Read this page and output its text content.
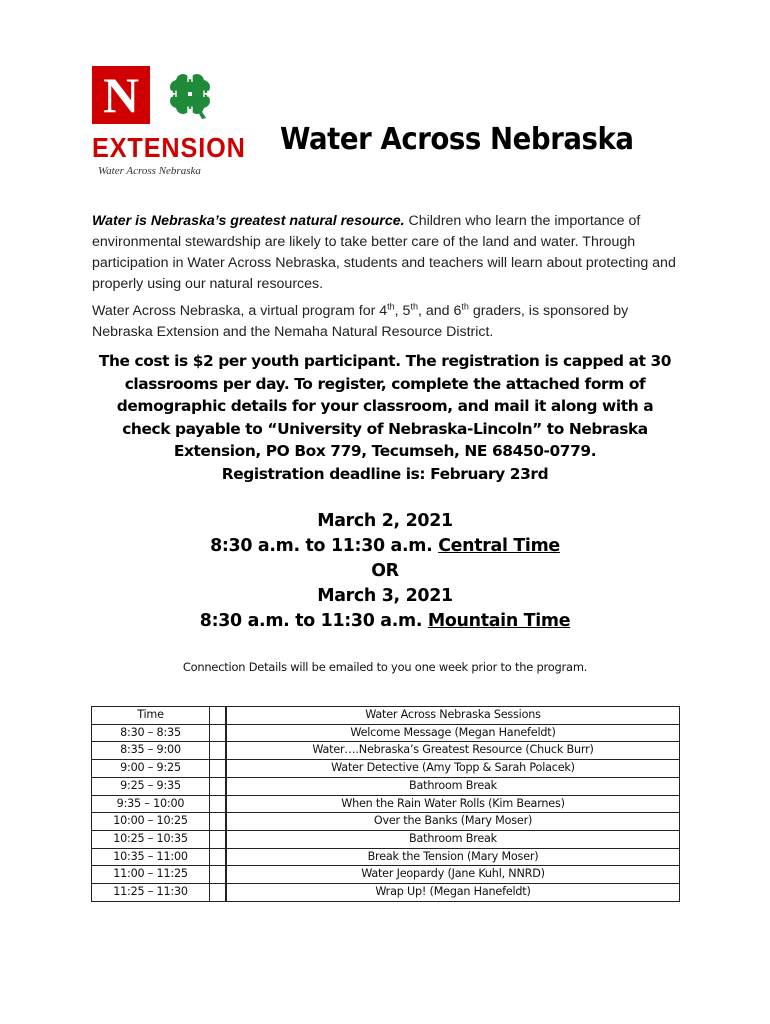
N	H
H
H
H
EXTENSION
Water Across Nebraska
Water Across Nebraska
Water is Nebraska’s greatest natural resource. Children who learn the importance of environmental stewardship are likely to take better care of the land and water. Through participation in Water Across Nebraska, students and teachers will learn about protecting and properly using our natural resources.
Water Across Nebraska, a virtual program for 4th, 5th, and 6th graders, is sponsored by Nebraska Extension and the Nemaha Natural Resource District.
The cost is $2 per youth participant. The registration is capped at 30 classrooms per day. To register, complete the attached form of demographic details for your classroom, and mail it along with a check payable to “University of Nebraska-Lincoln” to Nebraska Extension, PO Box 779, Tecumseh, NE 68450-0779.
Registration deadline is: February 23rd
March 2, 2021
8:30 a.m. to 11:30 a.m. Central Time
OR
March 3, 2021
8:30 a.m. to 11:30 a.m. Mountain Time
Connection Details will be emailed to you one week prior to the program.
Time			Water Across Nebraska Sessions
8:30 – 8:35			Welcome Message (Megan Hanefeldt)
8:35 – 9:00			Water….Nebraska’s Greatest Resource (Chuck Burr)
9:00 – 9:25			Water Detective (Amy Topp & Sarah Polacek)
9:25 – 9:35			Bathroom Break
9:35 – 10:00			When the Rain Water Rolls (Kim Bearnes)
10:00 – 10:25			Over the Banks (Mary Moser)
10:25 – 10:35			Bathroom Break
10:35 – 11:00			Break the Tension (Mary Moser)
11:00 – 11:25			Water Jeopardy (Jane Kuhl, NNRD)
11:25 – 11:30			Wrap Up! (Megan Hanefeldt)
